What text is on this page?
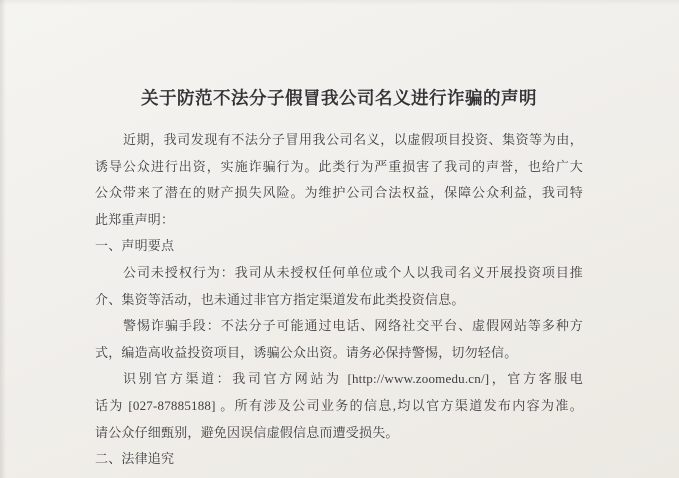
关于防范不法分子假冒我公司名义进行诈骗的声明
近期，我司发现有不法分子冒用我公司名义，以虚假项目投资、集资等为由，
诱导公众进行出资，实施诈骗行为。此类行为严重损害了我司的声誉，也给广大
公众带来了潜在的财产损失风险。为维护公司合法权益，保障公众利益，我司特
此郑重声明：
一、声明要点
公司未授权行为：我司从未授权任何单位或个人以我司名义开展投资项目推
介、集资等活动，也未通过非官方指定渠道发布此类投资信息。
警惕诈骗手段：不法分子可能通过电话、网络社交平台、虚假网站等多种方
式，编造高收益投资项目，诱骗公众出资。请务必保持警惕，切勿轻信。
识别官方渠道：我司官方网站为 [http://www.zoomedu.cn/]，官方客服电
话为 [027-87885188] 。所有涉及公司业务的信息,均以官方渠道发布内容为准。
请公众仔细甄别，避免因误信虚假信息而遭受损失。
二、法律追究
